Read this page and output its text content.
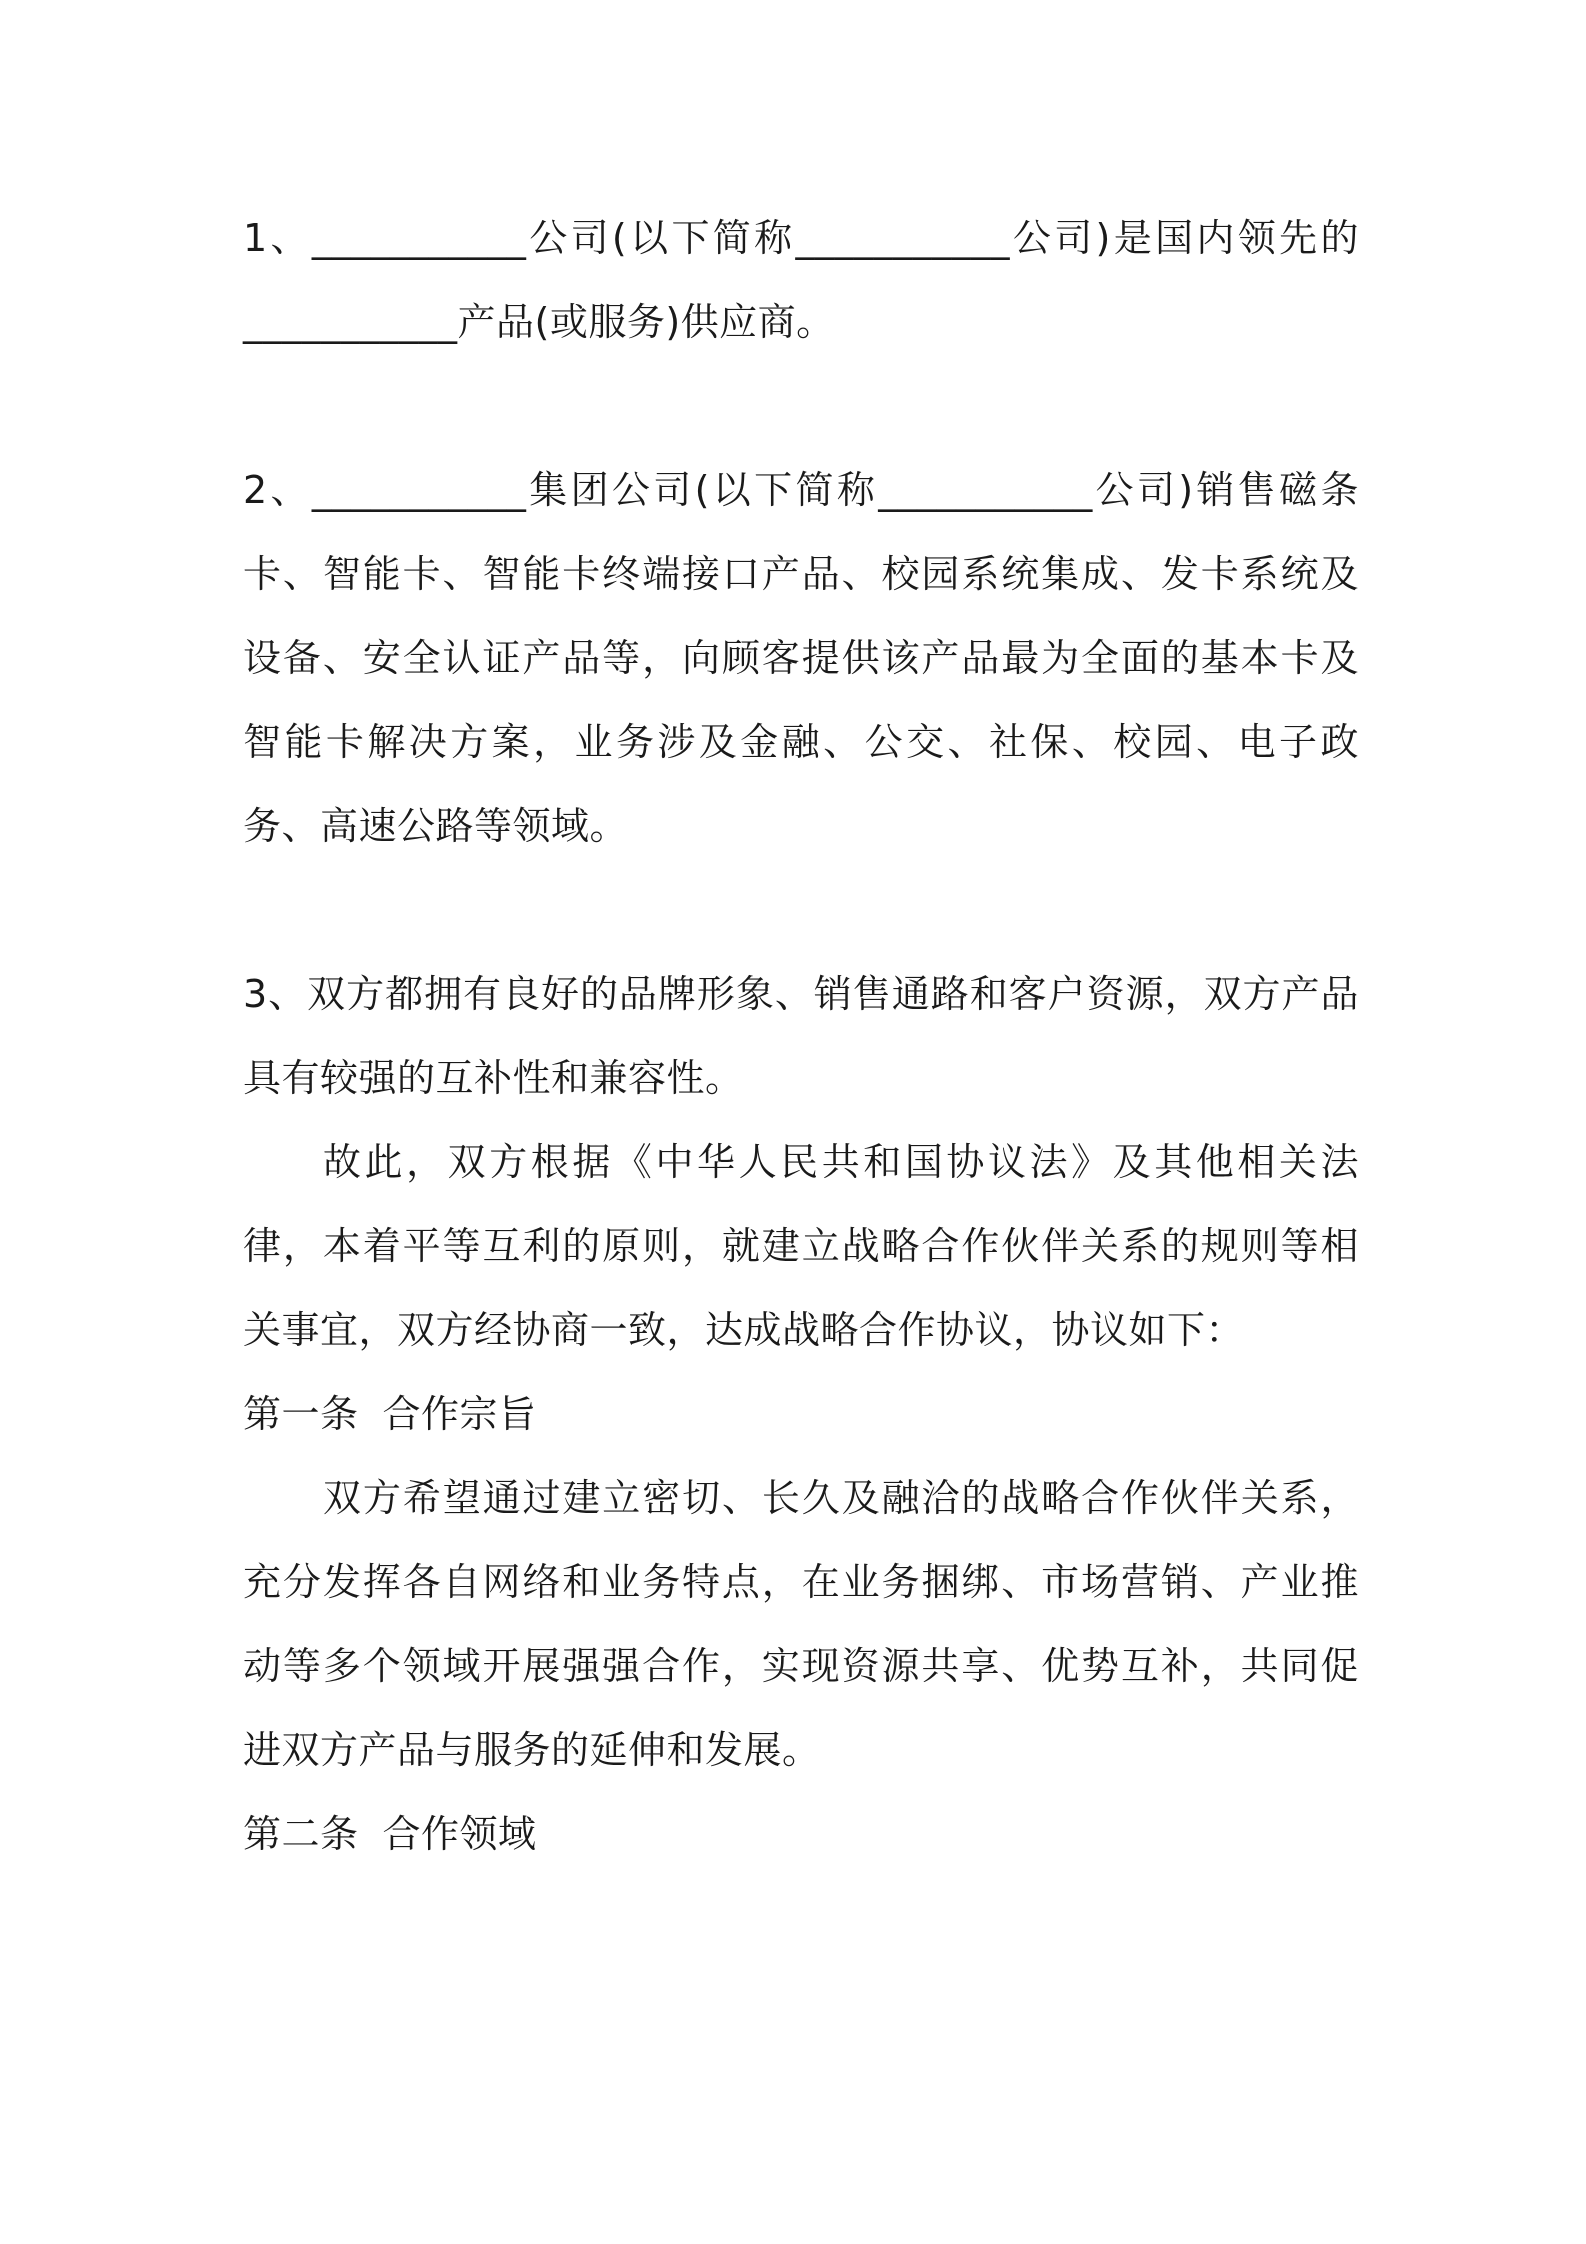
1、___________公司(以下简称___________公司)是国内领先的___________产品(或服务)供应商。

2、___________集团公司(以下简称___________公司)销售磁条卡、智能卡、智能卡终端接口产品、校园系统集成、发卡系统及设备、安全认证产品等，向顾客提供该产品最为全面的基本卡及智能卡解决方案，业务涉及金融、公交、社保、校园、电子政务、高速公路等领域。

3、双方都拥有良好的品牌形象、销售通路和客户资源，双方产品具有较强的互补性和兼容性。

故此，双方根据《中华人民共和国协议法》及其他相关法律，本着平等互利的原则，就建立战略合作伙伴关系的规则等相关事宜，双方经协商一致，达成战略合作协议，协议如下：

第一条 合作宗旨

双方希望通过建立密切、长久及融洽的战略合作伙伴关系，充分发挥各自网络和业务特点，在业务捆绑、市场营销、产业推动等多个领域开展强强合作，实现资源共享、优势互补，共同促进双方产品与服务的延伸和发展。

第二条 合作领域
